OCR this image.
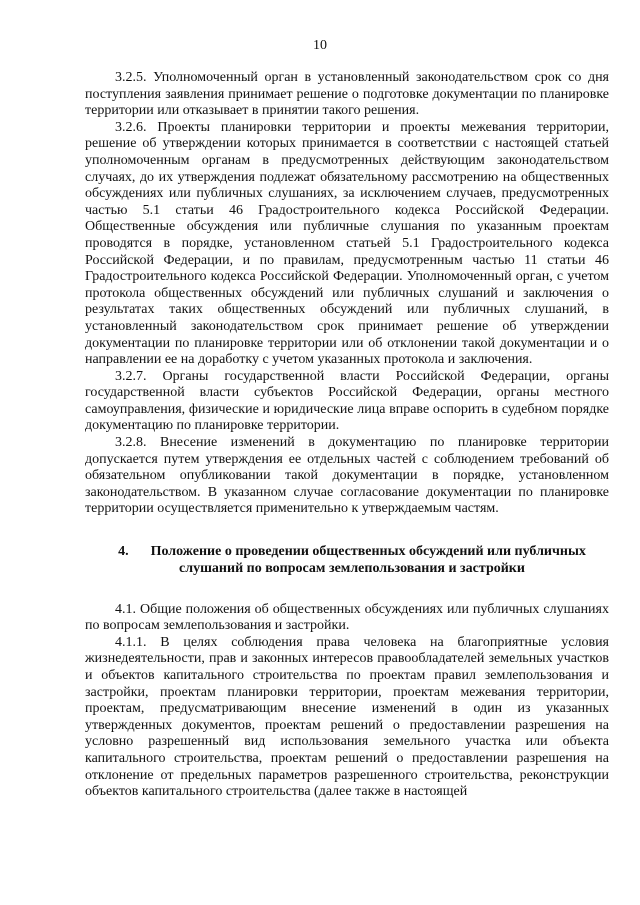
10

3.2.5. Уполномоченный орган в установленный законодательством срок со дня поступления заявления принимает решение о подготовке документации по планировке территории или отказывает в принятии такого решения.

3.2.6. Проекты планировки территории и проекты межевания территории, решение об утверждении которых принимается в соответствии с настоящей статьей уполномоченным органам в предусмотренных действующим законодательством случаях, до их утверждения подлежат обязательному рассмотрению на общественных обсуждениях или публичных слушаниях, за исключением случаев, предусмотренных частью 5.1 статьи 46 Градостроительного кодекса Российской Федерации. Общественные обсуждения или публичные слушания по указанным проектам проводятся в порядке, установленном статьей 5.1 Градостроительного кодекса Российской Федерации, и по правилам, предусмотренным частью 11 статьи 46 Градостроительного кодекса Российской Федерации. Уполномоченный орган, с учетом протокола общественных обсуждений или публичных слушаний и заключения о результатах таких общественных обсуждений или публичных слушаний, в установленный законодательством срок принимает решение об утверждении документации по планировке территории или об отклонении такой документации и о направлении ее на доработку с учетом указанных протокола и заключения.

3.2.7. Органы государственной власти Российской Федерации, органы государственной власти субъектов Российской Федерации, органы местного самоуправления, физические и юридические лица вправе оспорить в судебном порядке документацию по планировке территории.

3.2.8. Внесение изменений в документацию по планировке территории допускается путем утверждения ее отдельных частей с соблюдением требований об обязательном опубликовании такой документации в порядке, установленном законодательством. В указанном случае согласование документации по планировке территории осуществляется применительно к утверждаемым частям.

4. Положение о проведении общественных обсуждений или публичных слушаний по вопросам землепользования и застройки

4.1. Общие положения об общественных обсуждениях или публичных слушаниях по вопросам землепользования и застройки.

4.1.1. В целях соблюдения права человека на благоприятные условия жизнедеятельности, прав и законных интересов правообладателей земельных участков и объектов капитального строительства по проектам правил землепользования и застройки, проектам планировки территории, проектам межевания территории, проектам, предусматривающим внесение изменений в один из указанных утвержденных документов, проектам решений о предоставлении разрешения на условно разрешенный вид использования земельного участка или объекта капитального строительства, проектам решений о предоставлении разрешения на отклонение от предельных параметров разрешенного строительства, реконструкции объектов капитального строительства (далее также в настоящей
